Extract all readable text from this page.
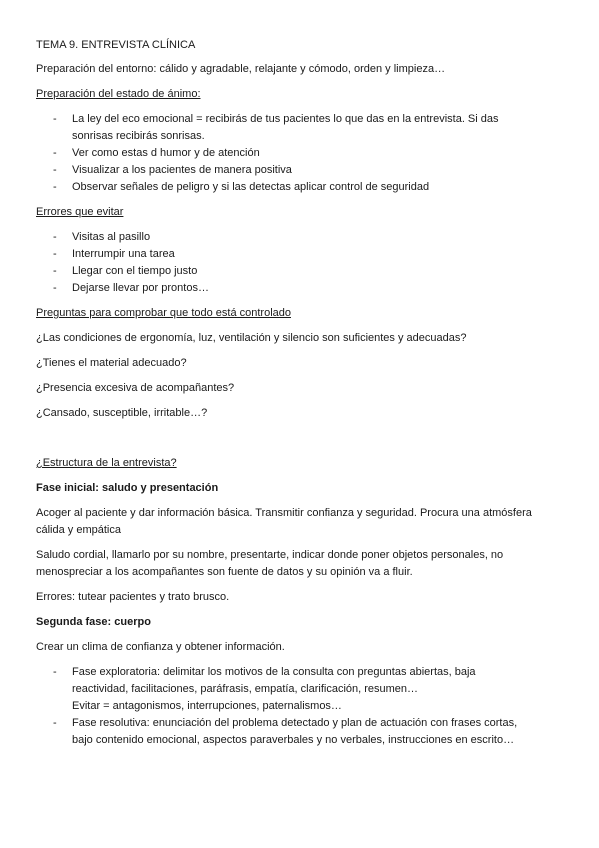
TEMA 9. ENTREVISTA CLÍNICA
Preparación del entorno: cálido y agradable, relajante y cómodo, orden y limpieza…
Preparación del estado de ánimo:
- La ley del eco emocional = recibirás de tus pacientes lo que das en la entrevista. Si das
sonrisas recibirás sonrisas.
- Ver como estas d humor y de atención
- Visualizar a los pacientes de manera positiva
- Observar señales de peligro y si las detectas aplicar control de seguridad
Errores que evitar
- Visitas al pasillo
- Interrumpir una tarea
- Llegar con el tiempo justo
- Dejarse llevar por prontos…
Preguntas para comprobar que todo está controlado
¿Las condiciones de ergonomía, luz, ventilación y silencio son suficientes y adecuadas?
¿Tienes el material adecuado?
¿Presencia excesiva de acompañantes?
¿Cansado, susceptible, irritable…?
¿Estructura de la entrevista?
Fase inicial: saludo y presentación
Acoger al paciente y dar información básica. Transmitir confianza y seguridad. Procura una atmósfera
cálida y empática
Saludo cordial, llamarlo por su nombre, presentarte, indicar donde poner objetos personales, no
menospreciar a los acompañantes son fuente de datos y su opinión va a fluir.
Errores: tutear pacientes y trato brusco.
Segunda fase: cuerpo
Crear un clima de confianza y obtener información.
- Fase exploratoria: delimitar los motivos de la consulta con preguntas abiertas, baja
reactividad, facilitaciones, paráfrasis, empatía, clarificación, resumen…
Evitar = antagonismos, interrupciones, paternalismos…
- Fase resolutiva: enunciación del problema detectado y plan de actuación con frases cortas,
bajo contenido emocional, aspectos paraverbales y no verbales, instrucciones en escrito…
